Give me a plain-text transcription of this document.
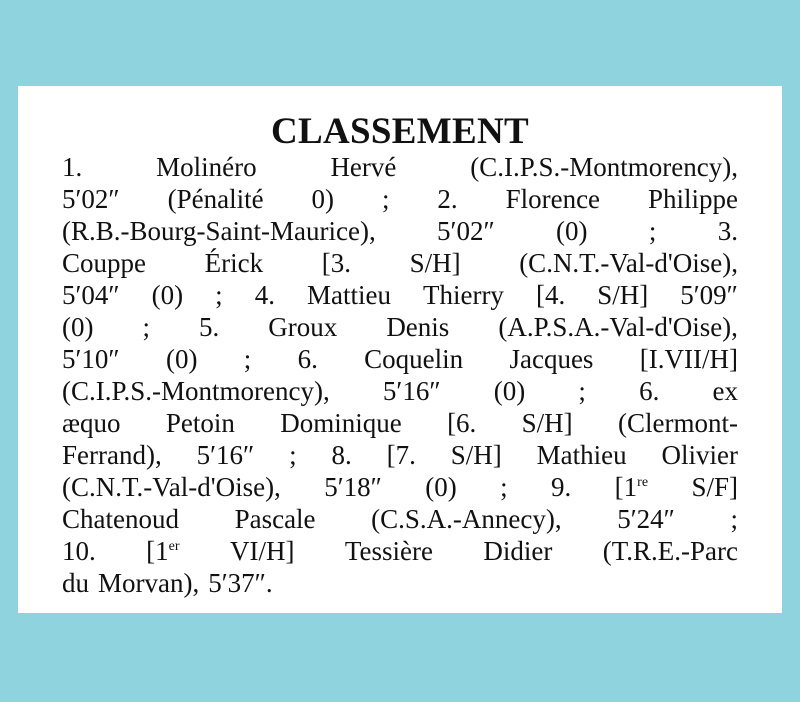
CLASSEMENT
1.	Molinéro	Hervé	(C.I.P.S.-Montmorency),
5′02″ (Pénalité 0) ; 2. Florence Philippe
(R.B.-Bourg-Saint-Maurice), 5′02″ (0) ; 3.
Couppe Érick [3. S/H] (C.N.T.-Val-d'Oise),
5′04″ (0) ; 4. Mattieu Thierry [4. S/H] 5′09″
(0) ; 5. Groux Denis (A.P.S.A.-Val-d'Oise),
5′10″ (0) ; 6. Coquelin Jacques [I.VII/H]
(C.I.P.S.-Montmorency), 5′16″ (0) ; 6. ex
æquo Petoin Dominique [6. S/H] (Clermont-
Ferrand), 5′16″ ; 8. [7. S/H] Mathieu Olivier
(C.N.T.-Val-d'Oise), 5′18″ (0) ; 9. [1re S/F]
Chatenoud Pascale (C.S.A.-Annecy), 5′24″ ;
10. [1er VI/H] Tessière Didier (T.R.E.-Parc
du Morvan), 5′37″.
